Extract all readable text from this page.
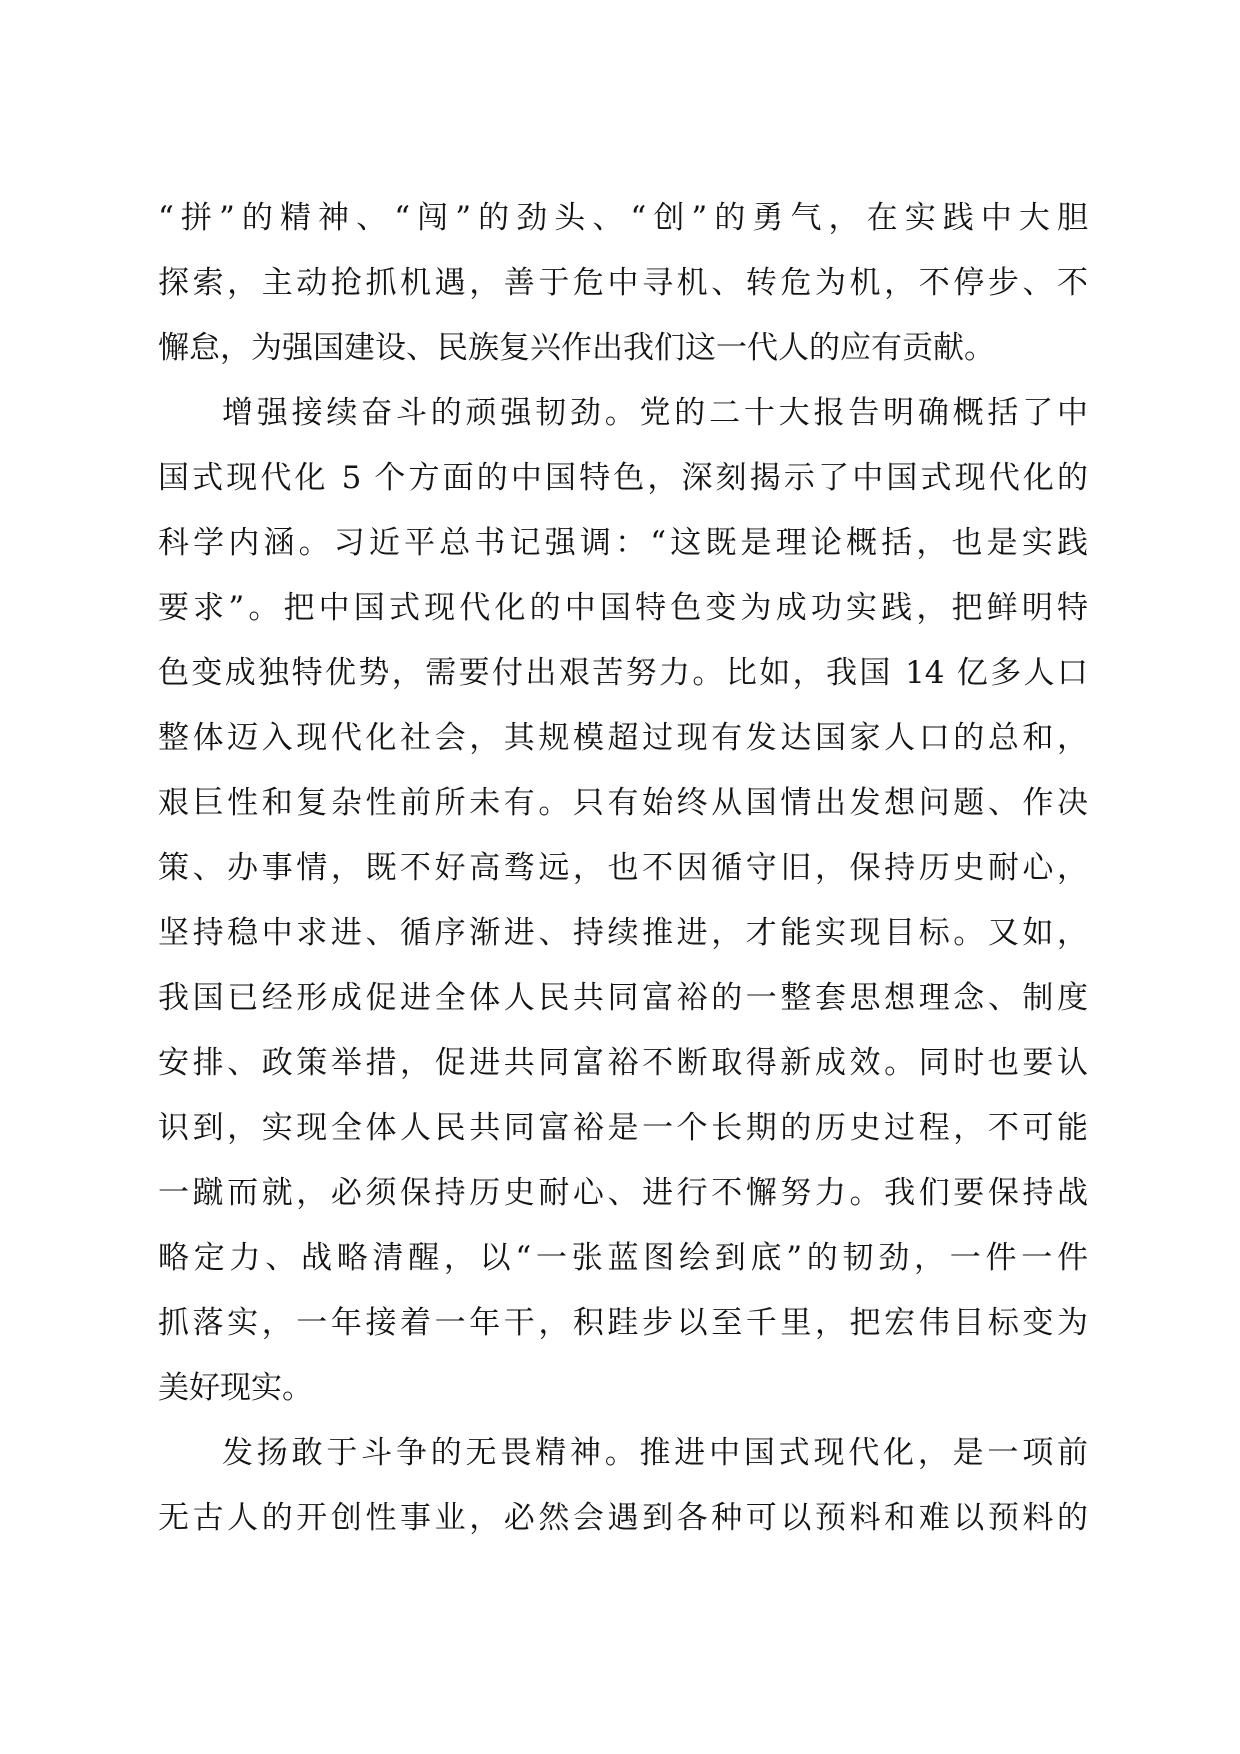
“拼”的精神、“闯”的劲头、“创”的勇气，在实践中大胆
探索，主动抢抓机遇，善于危中寻机、转危为机，不停步、不
懈怠，为强国建设、民族复兴作出我们这一代人的应有贡献。
增强接续奋斗的顽强韧劲。党的二十大报告明确概括了中
国式现代化 5 个方面的中国特色，深刻揭示了中国式现代化的
科学内涵。习近平总书记强调：“这既是理论概括，也是实践
要求”。把中国式现代化的中国特色变为成功实践，把鲜明特
色变成独特优势，需要付出艰苦努力。比如，我国 14 亿多人口
整体迈入现代化社会，其规模超过现有发达国家人口的总和，
艰巨性和复杂性前所未有。只有始终从国情出发想问题、作决
策、办事情，既不好高骛远，也不因循守旧，保持历史耐心，
坚持稳中求进、循序渐进、持续推进，才能实现目标。又如，
我国已经形成促进全体人民共同富裕的一整套思想理念、制度
安排、政策举措，促进共同富裕不断取得新成效。同时也要认
识到，实现全体人民共同富裕是一个长期的历史过程，不可能
一蹴而就，必须保持历史耐心、进行不懈努力。我们要保持战
略定力、战略清醒，以“一张蓝图绘到底”的韧劲，一件一件
抓落实，一年接着一年干，积跬步以至千里，把宏伟目标变为
美好现实。
发扬敢于斗争的无畏精神。推进中国式现代化，是一项前
无古人的开创性事业，必然会遇到各种可以预料和难以预料的
